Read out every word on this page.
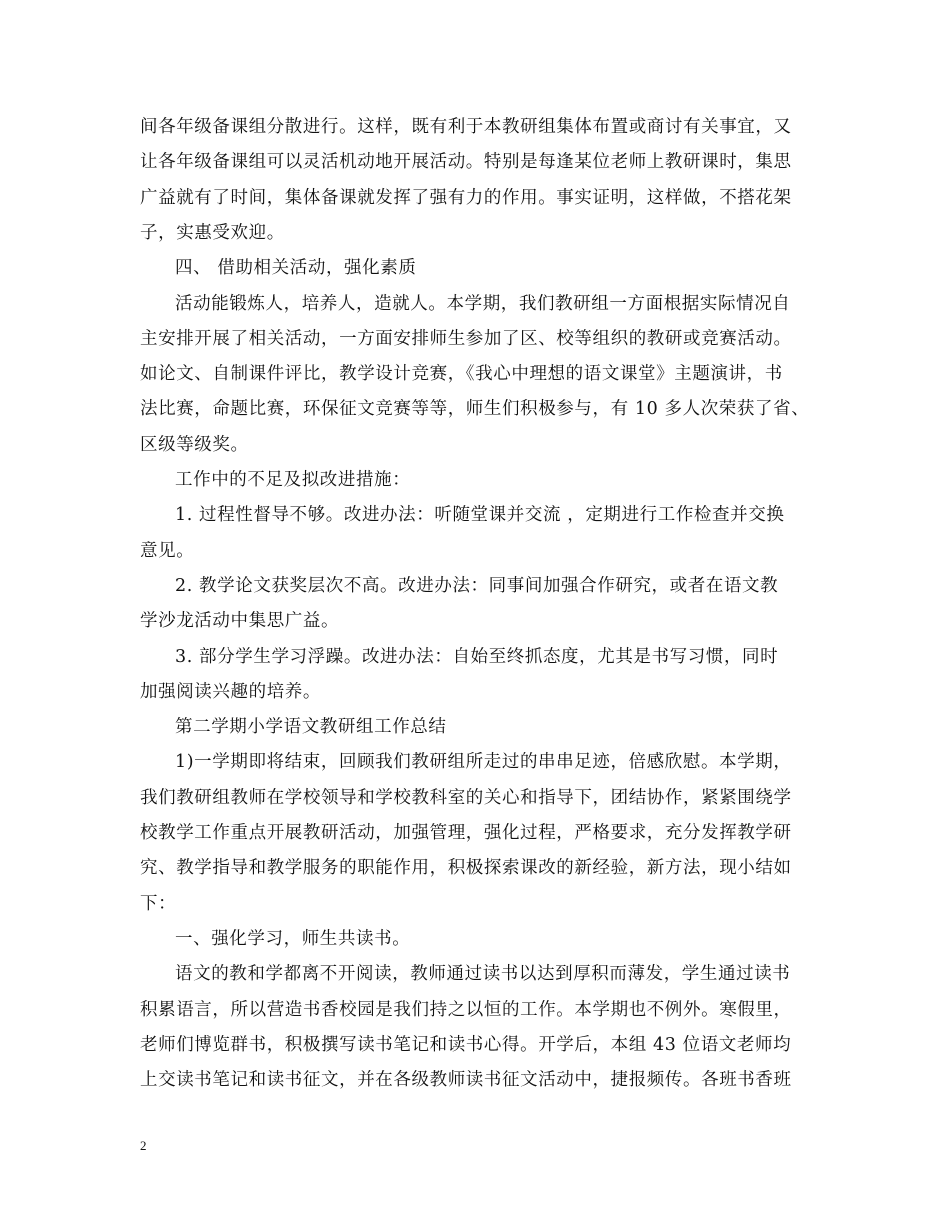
间各年级备课组分散进行。这样，既有利于本教研组集体布置或商讨有关事宜，又
让各年级备课组可以灵活机动地开展活动。特别是每逢某位老师上教研课时，集思
广益就有了时间，集体备课就发挥了强有力的作用。事实证明，这样做，不搭花架
子，实惠受欢迎。
四、 借助相关活动，强化素质
活动能锻炼人，培养人，造就人。本学期，我们教研组一方面根据实际情况自
主安排开展了相关活动，一方面安排师生参加了区、校等组织的教研或竞赛活动。
如论文、自制课件评比，教学设计竞赛，《我心中理想的语文课堂》主题演讲，书
法比赛，命题比赛，环保征文竞赛等等，师生们积极参与，有 10 多人次荣获了省、
区级等级奖。
工作中的不足及拟改进措施：
1. 过程性督导不够。改进办法：听随堂课并交流 ，定期进行工作检查并交换
意见。
2. 教学论文获奖层次不高。改进办法：同事间加强合作研究，或者在语文教
学沙龙活动中集思广益。
3. 部分学生学习浮躁。改进办法：自始至终抓态度，尤其是书写习惯，同时
加强阅读兴趣的培养。
第二学期小学语文教研组工作总结
1)一学期即将结束，回顾我们教研组所走过的串串足迹，倍感欣慰。本学期，
我们教研组教师在学校领导和学校教科室的关心和指导下，团结协作，紧紧围绕学
校教学工作重点开展教研活动，加强管理，强化过程，严格要求，充分发挥教学研
究、教学指导和教学服务的职能作用，积极探索课改的新经验，新方法，现小结如
下：
一、强化学习，师生共读书。
语文的教和学都离不开阅读，教师通过读书以达到厚积而薄发，学生通过读书
积累语言，所以营造书香校园是我们持之以恒的工作。本学期也不例外。寒假里，
老师们博览群书，积极撰写读书笔记和读书心得。开学后，本组 43 位语文老师均
上交读书笔记和读书征文，并在各级教师读书征文活动中，捷报频传。各班书香班
2
